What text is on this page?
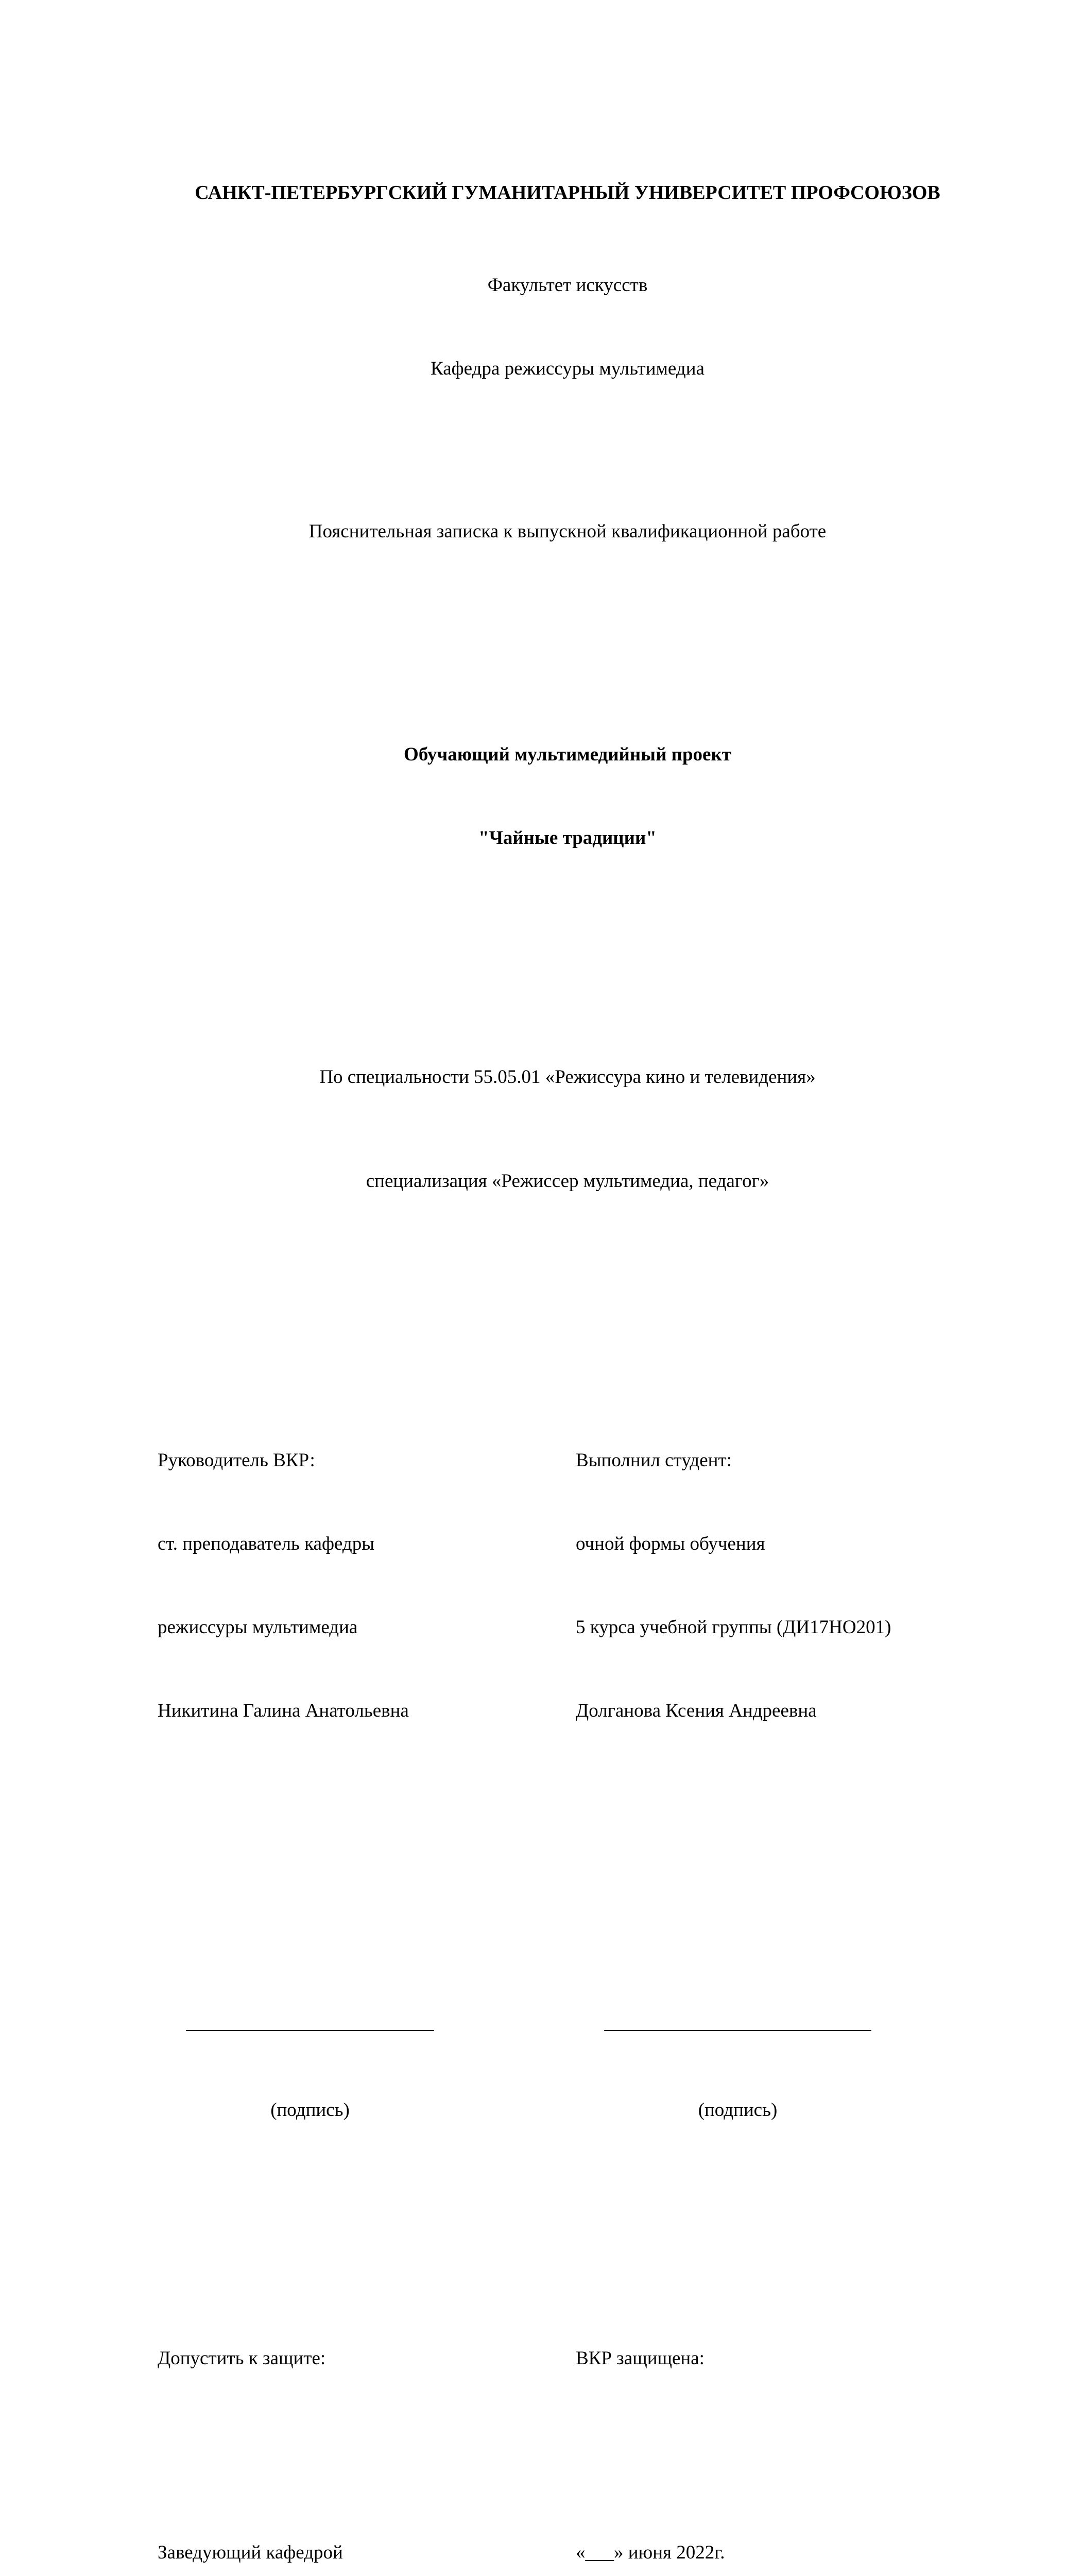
САНКТ-ПЕТЕРБУРГСКИЙ ГУМАНИТАРНЫЙ УНИВЕРСИТЕТ ПРОФСОЮЗОВ

Факультет искусств

Кафедра режиссуры мультимедиа

Пояснительная записка к выпускной квалификационной работе

Обучающий мультимедийный проект

"Чайные традиции"

По специальности 55.05.01 «Режиссура кино и телевидения»

специализация «Режиссер мультимедиа, педагог»

Руководитель ВКР:

ст. преподаватель кафедры

режиссуры мультимедиа

Никитина Галина Анатольевна

Выполнил студент:

очной формы обучения

5 курса учебной группы (ДИ17НО201)

Долганова Ксения Андреевна

__________________________

(подпись)

____________________________

(подпись)

Допустить к защите:	ВКР защищена:

Заведующий кафедрой

	«___» июня 2022г.
